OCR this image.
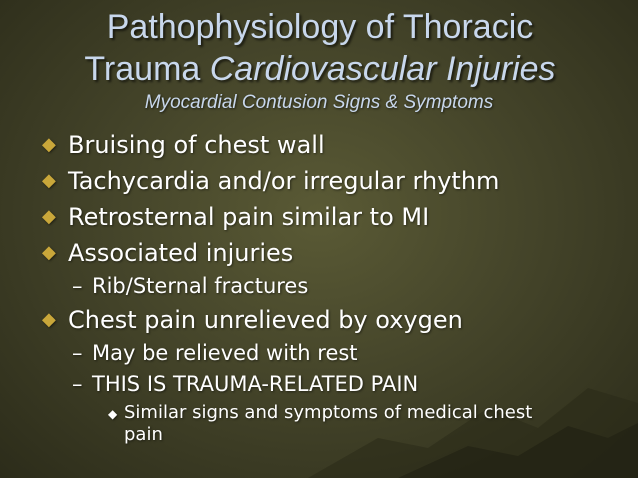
Pathophysiology of Thoracic
Trauma Cardiovascular Injuries
Myocardial Contusion Signs & Symptoms
◆ Bruising of chest wall
◆ Tachycardia and/or irregular rhythm
◆ Retrosternal pain similar to MI
◆ Associated injuries
– Rib/Sternal fractures
◆ Chest pain unrelieved by oxygen
– May be relieved with rest
– THIS IS TRAUMA-RELATED PAIN
◆ Similar signs and symptoms of medical chest pain
